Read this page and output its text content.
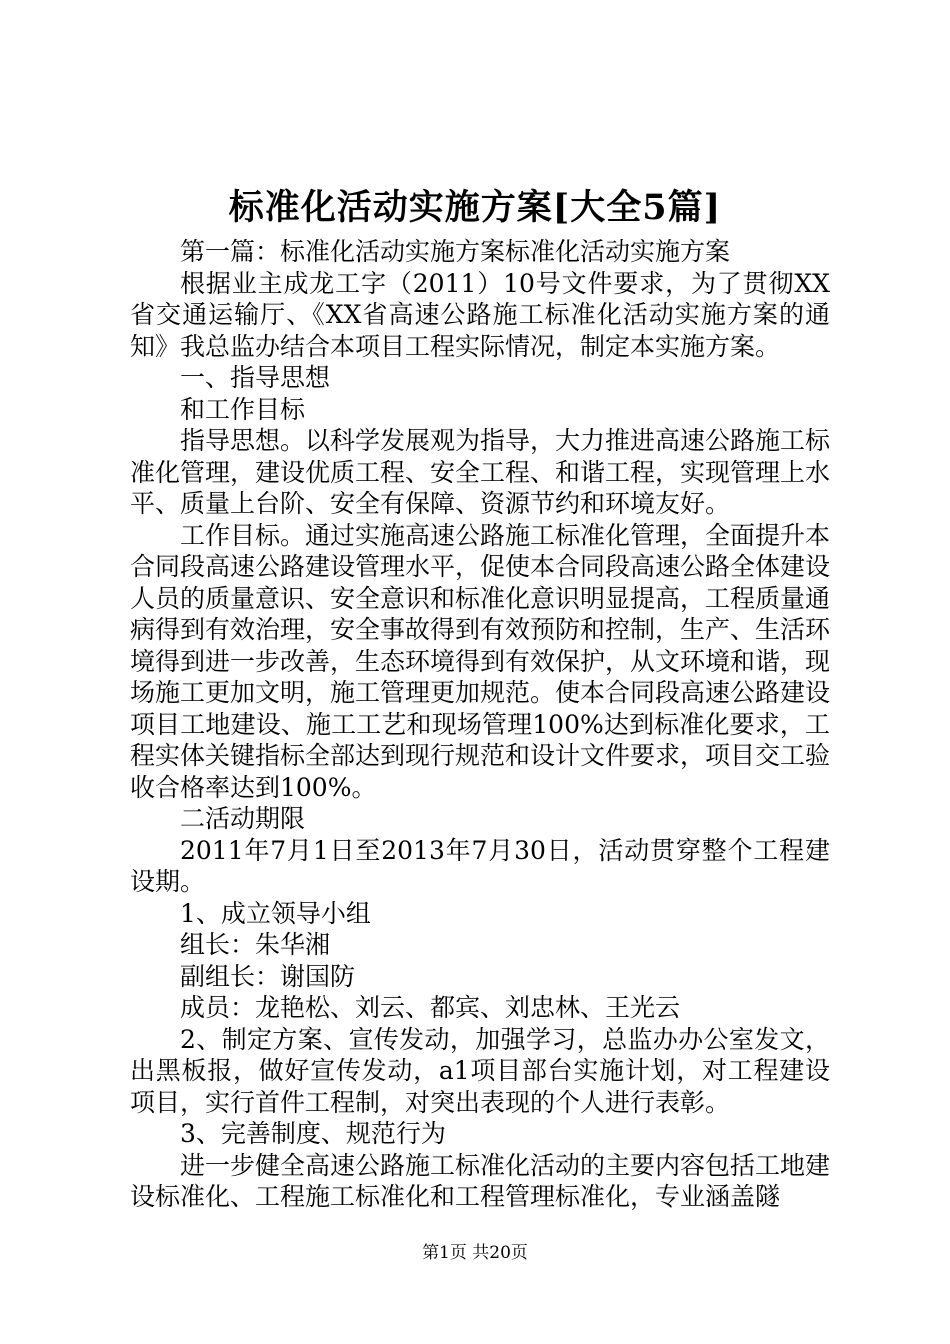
标准化活动实施方案[大全5篇]

第一篇：标准化活动实施方案标准化活动实施方案

根据业主成龙工字（2011）10号文件要求，为了贯彻XX省交通运输厅、《XX省高速公路施工标准化活动实施方案的通知》我总监办结合本项目工程实际情况，制定本实施方案。

一、指导思想

和工作目标

指导思想。以科学发展观为指导，大力推进高速公路施工标准化管理，建设优质工程、安全工程、和谐工程，实现管理上水平、质量上台阶、安全有保障、资源节约和环境友好。

工作目标。通过实施高速公路施工标准化管理，全面提升本合同段高速公路建设管理水平，促使本合同段高速公路全体建设人员的质量意识、安全意识和标准化意识明显提高，工程质量通病得到有效治理，安全事故得到有效预防和控制，生产、生活环境得到进一步改善，生态环境得到有效保护，从文环境和谐，现场施工更加文明，施工管理更加规范。使本合同段高速公路建设项目工地建设、施工工艺和现场管理100%达到标准化要求，工程实体关键指标全部达到现行规范和设计文件要求，项目交工验收合格率达到100%。

二活动期限

2011年7月1日至2013年7月30日，活动贯穿整个工程建设期。

1、成立领导小组

组长：朱华湘

副组长：谢国防

成员：龙艳松、刘云、都宾、刘忠林、王光云

2、制定方案、宣传发动，加强学习，总监办办公室发文，出黑板报，做好宣传发动，a1项目部台实施计划，对工程建设项目，实行首件工程制，对突出表现的个人进行表彰。

3、完善制度、规范行为

进一步健全高速公路施工标准化活动的主要内容包括工地建设标准化、工程施工标准化和工程管理标准化，专业涵盖隧

第1页 共20页
